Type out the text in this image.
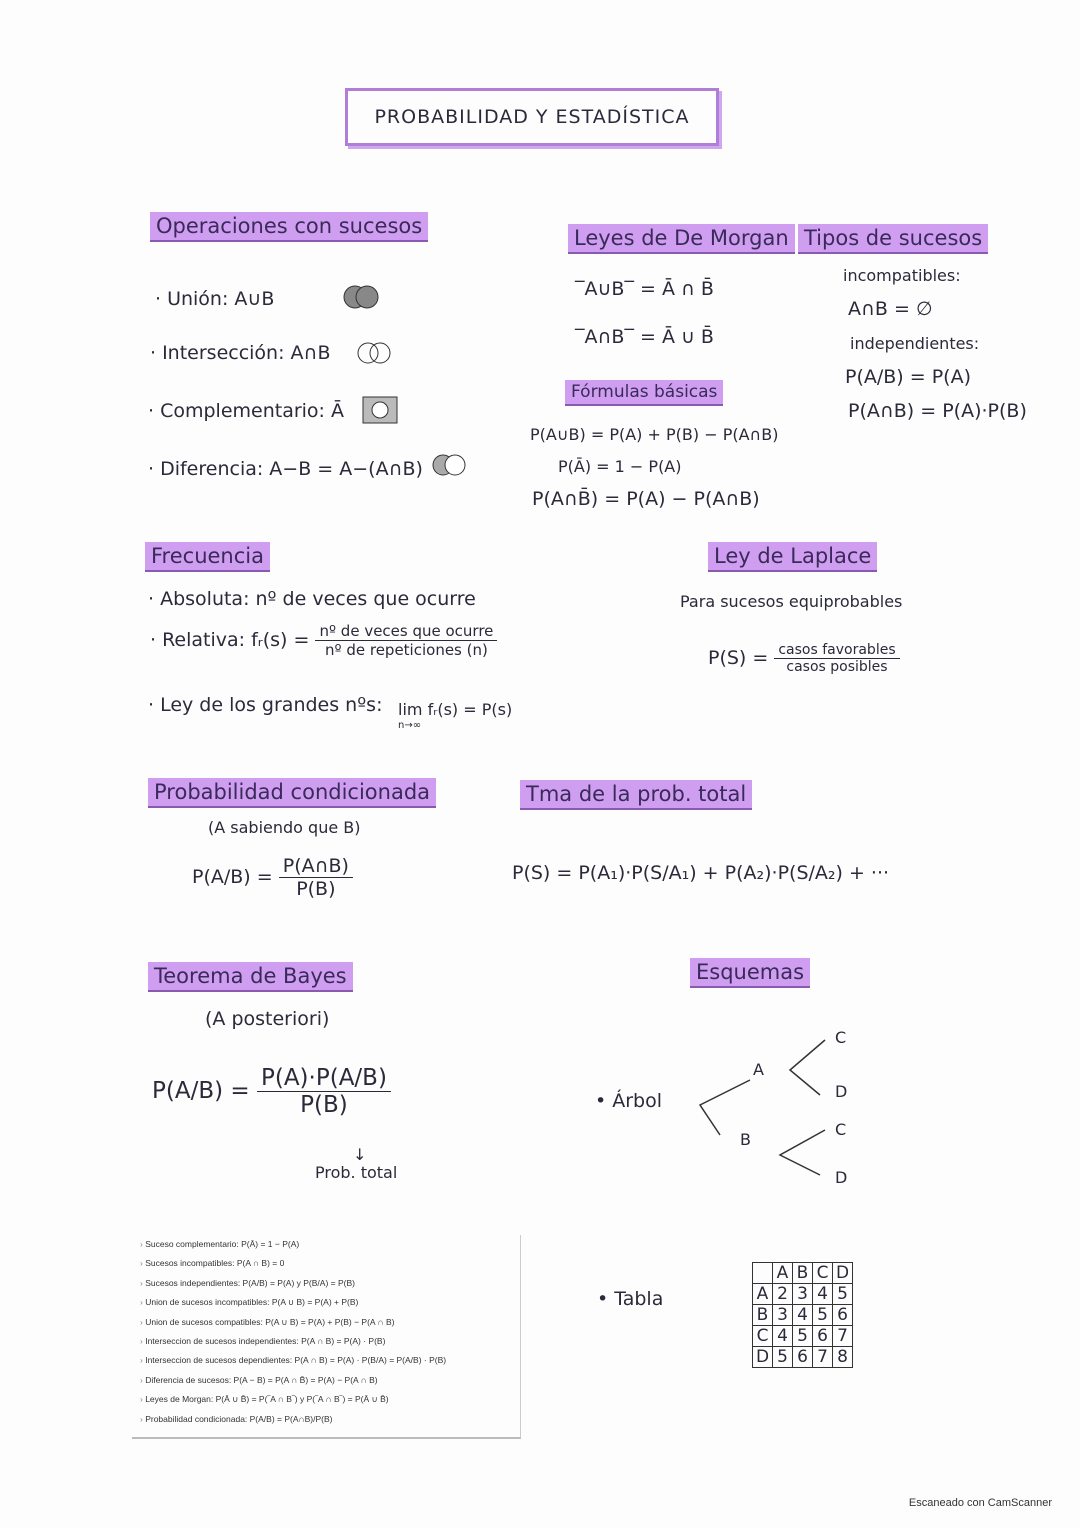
PROBABILIDAD Y ESTADÍSTICA
Operaciones con sucesos
· Unión: A∪B
· Intersección: A∩B
· Complementario: Ā
· Diferencia: A−B = A−(A∩B)
Leyes de De Morgan
‾A∪B‾ = Ā ∩ B̄
‾A∩B‾ = Ā ∪ B̄
Tipos de sucesos
incompatibles:
A∩B = ∅
independientes:
P(A/B) = P(A)
P(A∩B) = P(A)·P(B)
Fórmulas básicas
P(A∪B) = P(A) + P(B) − P(A∩B)
P(Ā) = 1 − P(A)
P(A∩B̄) = P(A) − P(A∩B)
Frecuencia
· Absoluta: nº de veces que ocurre
· Relativa: fᵣ(s) = $\frac{\text{nº de veces que ocurre}}{\text{nº de repeticiones (n)}}$
· Ley de los grandes nºs: lim fᵣ(s) = P(s)
n→∞
Ley de Laplace
Para sucesos equiprobables
$P(S) = \frac{\text{casos favorables}}{\text{casos posibles}}$
Probabilidad condicionada
(A sabiendo que B)
$P(A/B) = \frac{P(A\cap B)}{P(B)}$
Tma de la prob. total
P(S) = P(A₁)·P(S/A₁) + P(A₂)·P(S/A₂) + ···
Teorema de Bayes
(A posteriori)
$P(A/B) = \frac{P(A)\cdot P(A/B)}{P(B)}$
↓
Prob. total
Esquemas
• Árbol
A
B
C
D
C
D
• Tabla
	A	B	C	D
A	2	3	4	5
B	3	4	5	6
C	4	5	6	7
D	5	6	7	8
› Suceso complementario: P(Ā) = 1 − P(A)
› Sucesos incompatibles: P(A ∩ B) = 0
› Sucesos independientes: P(A/B) = P(A) y P(B/A) = P(B)
› Union de sucesos incompatibles: P(A ∪ B) = P(A) + P(B)
› Union de sucesos compatibles: P(A ∪ B) = P(A) + P(B) − P(A ∩ B)
› Interseccion de sucesos independientes: P(A ∩ B) = P(A) · P(B)
› Interseccion de sucesos dependientes: P(A ∩ B) = P(A) · P(B/A) = P(A/B) · P(B)
› Diferencia de sucesos: P(A − B) = P(A ∩ B̄) = P(A) − P(A ∩ B)
› Leyes de Morgan: P(Ā ∪ B̄) = P(‾A ∩ B‾) y P(‾A ∩ B‾) = P(Ā ∪ B̄)
› Probabilidad condicionada: P(A/B) = P(A∩B)/P(B)
Escaneado con CamScanner
